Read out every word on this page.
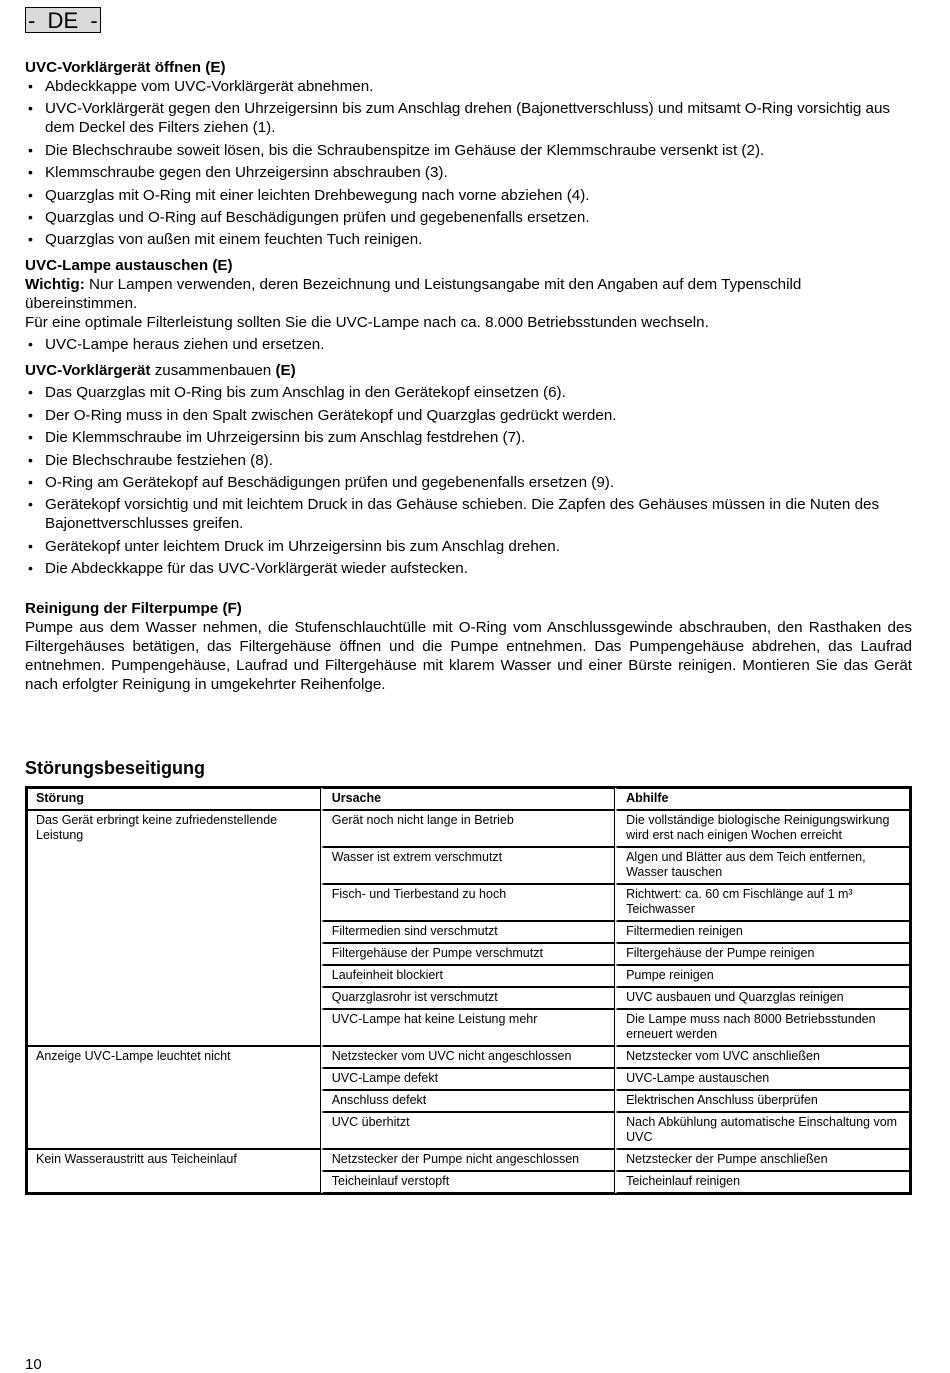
-  DE  -
UVC-Vorklärgerät öffnen (E)
• Abdeckkappe vom UVC-Vorklärgerät abnehmen.
• UVC-Vorklärgerät gegen den Uhrzeigersinn bis zum Anschlag drehen (Bajonettverschluss) und mitsamt O-Ring vorsichtig aus dem Deckel des Filters ziehen (1).
• Die Blechschraube soweit lösen, bis die Schraubenspitze im Gehäuse der Klemmschraube versenkt ist (2).
• Klemmschraube gegen den Uhrzeigersinn abschrauben (3).
• Quarzglas mit O-Ring mit einer leichten Drehbewegung nach vorne abziehen (4).
• Quarzglas und O-Ring auf Beschädigungen prüfen und gegebenenfalls ersetzen.
• Quarzglas von außen mit einem feuchten Tuch reinigen.
UVC-Lampe austauschen (E)

Wichtig: Nur Lampen verwenden, deren Bezeichnung und Leistungsangabe mit den Angaben auf dem Typenschild übereinstimmen.

Für eine optimale Filterleistung sollten Sie die UVC-Lampe nach ca. 8.000 Betriebsstunden wechseln.

• UVC-Lampe heraus ziehen und ersetzen.
UVC-Vorklärgerät zusammenbauen (E)
• Das Quarzglas mit O-Ring bis zum Anschlag in den Gerätekopf einsetzen (6).
• Der O-Ring muss in den Spalt zwischen Gerätekopf und Quarzglas gedrückt werden.
• Die Klemmschraube im Uhrzeigersinn bis zum Anschlag festdrehen (7).
• Die Blechschraube festziehen (8).
• O-Ring am Gerätekopf auf Beschädigungen prüfen und gegebenenfalls ersetzen (9).
• Gerätekopf vorsichtig und mit leichtem Druck in das Gehäuse schieben. Die Zapfen des Gehäuses müssen in die Nuten des Bajonettverschlusses greifen.
• Gerätekopf unter leichtem Druck im Uhrzeigersinn bis zum Anschlag drehen.
• Die Abdeckkappe für das UVC-Vorklärgerät wieder aufstecken.
Reinigung der Filterpumpe (F)

Pumpe aus dem Wasser nehmen, die Stufenschlauchtülle mit O-Ring vom Anschlussgewinde abschrauben, den Rasthaken des Filtergehäuses betätigen, das Filtergehäuse öffnen und die Pumpe entnehmen. Das Pumpengehäuse abdrehen, das Laufrad entnehmen. Pumpengehäuse, Laufrad und Filtergehäuse mit klarem Wasser und einer Bürste reinigen. Montieren Sie das Gerät nach erfolgter Reinigung in umgekehrter Reihenfolge.

Störungsbeseitigung
Störung	Ursache	Abhilfe
Das Gerät erbringt keine zufriedenstellende Leistung	Gerät noch nicht lange in Betrieb	Die vollständige biologische Reinigungswirkung wird erst nach einigen Wochen erreicht
	Wasser ist extrem verschmutzt	Algen und Blätter aus dem Teich entfernen, Wasser tauschen
	Fisch- und Tierbestand zu hoch	Richtwert: ca. 60 cm Fischlänge auf 1 m³ Teichwasser
	Filtermedien sind verschmutzt	Filtermedien reinigen
	Filtergehäuse der Pumpe verschmutzt	Filtergehäuse der Pumpe reinigen
	Laufeinheit blockiert	Pumpe reinigen
	Quarzglasrohr ist verschmutzt	UVC ausbauen und Quarzglas reinigen
	UVC-Lampe hat keine Leistung mehr	Die Lampe muss nach 8000 Betriebsstunden erneuert werden
Anzeige UVC-Lampe leuchtet nicht	Netzstecker vom UVC nicht angeschlossen	Netzstecker vom UVC anschließen
	UVC-Lampe defekt	UVC-Lampe austauschen
	Anschluss defekt	Elektrischen Anschluss überprüfen
	UVC überhitzt	Nach Abkühlung automatische Einschaltung vom UVC
Kein Wasseraustritt aus Teicheinlauf	Netzstecker der Pumpe nicht angeschlossen	Netzstecker der Pumpe anschließen
	Teicheinlauf verstopft	Teicheinlauf reinigen
10
